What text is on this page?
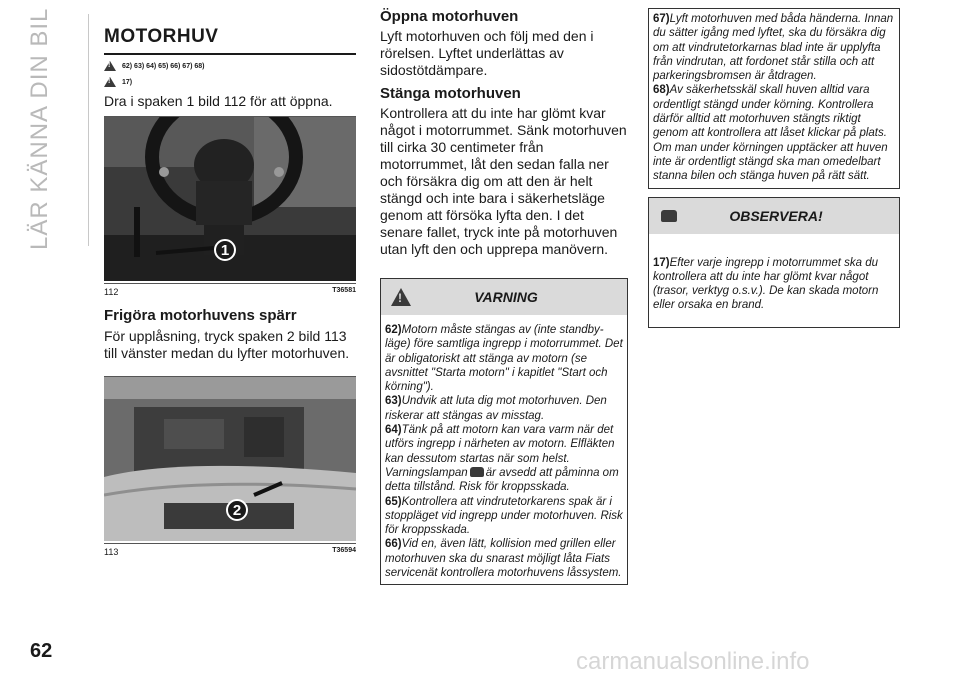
LÄR KÄNNA DIN BIL	MOTORHUV
!
62) 63) 64) 65) 66) 67) 68)
!
17)
Dra i spaken 1 bild 112 för att öppna.
1
112	T36581
Frigöra motorhuvens spärr
För upplåsning, tryck spaken 2 bild 113 till vänster medan du lyfter motorhuven.
2
113	T36594
Öppna motorhuven
Lyft motorhuven och följ med den i rörelsen. Lyftet underlättas av sidostötdämpare.
Stänga motorhuven
Kontrollera att du inte har glömt kvar något i motorrummet. Sänk motorhuven till cirka 30 centimeter från motorrummet, låt den sedan falla ner och försäkra dig om att den är helt stängd och inte bara i säkerhetsläge genom att försöka lyfta den. I det senare fallet, tryck inte på motorhuven utan lyft den och upprepa manövern.
!
VARNING

62)Motorn måste stängas av (inte standby-läge) före samtliga ingrepp i motorrummet. Det är obligatoriskt att stänga av motorn (se avsnittet "Starta motorn" i kapitlet "Start och körning").

63)Undvik att luta dig mot motorhuven. Den riskerar att stängas av misstag.

64)Tänk på att motorn kan vara varm när det utförs ingrepp i närheten av motorn. Elfläkten kan dessutom startas när som helst. Varningslampan är avsedd att påminna om detta tillstånd. Risk för kroppsskada.

65)Kontrollera att vindrutetorkarens spak är i stoppläget vid ingrepp under motorhuven. Risk för kroppsskada.

66)Vid en, även lätt, kollision med grillen eller motorhuven ska du snarast möjligt låta Fiats servicenät kontrollera motorhuvens låssystem.

67)Lyft motorhuven med båda händerna. Innan du sätter igång med lyftet, ska du försäkra dig om att vindrutetorkarnas blad inte är upplyfta från vindrutan, att fordonet står stilla och att parkeringsbromsen är åtdragen.

68)Av säkerhetsskäl skall huven alltid vara ordentligt stängd under körning. Kontrollera därför alltid att motorhuven stängts riktigt genom att kontrollera att låset klickar på plats. Om man under körningen upptäcker att huven inte är ordentligt stängd ska man omedelbart stanna bilen och stänga huven på rätt sätt.

OBSERVERA!

17)Efter varje ingrepp i motorrummet ska du kontrollera att du inte har glömt kvar något (trasor, verktyg o.s.v.). De kan skada motorn eller orsaka en brand.

62	carmanualsonline.info
